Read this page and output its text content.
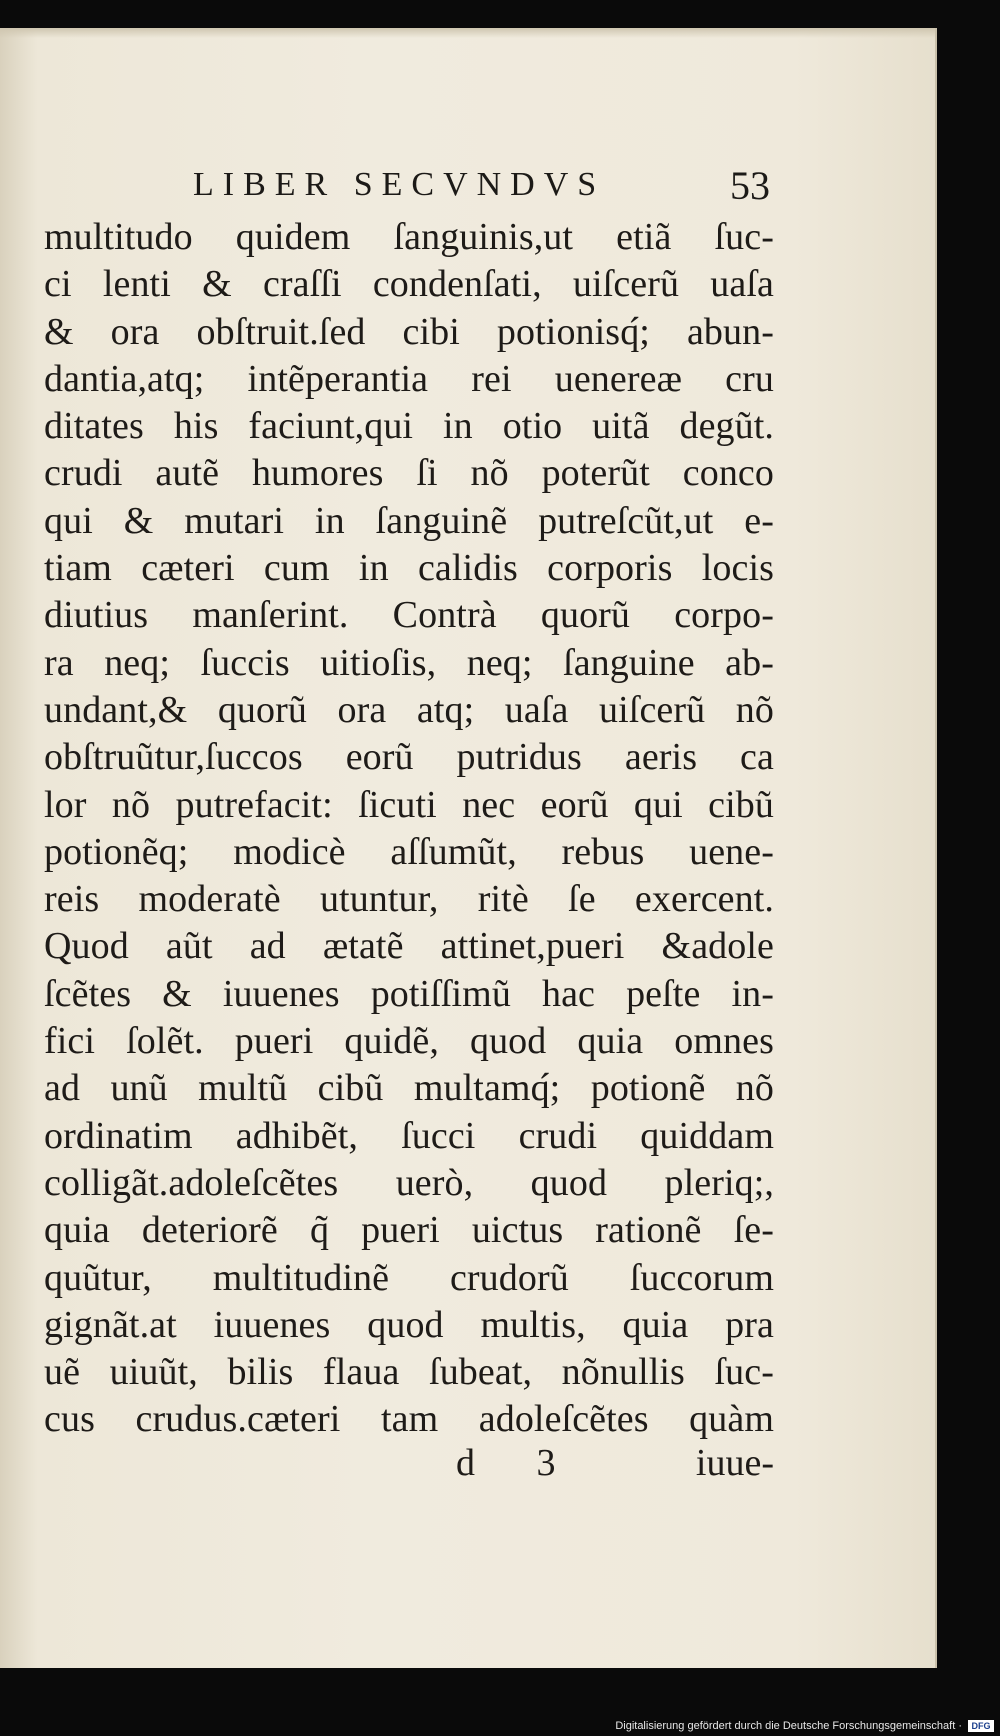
LIBER SECVNDVS	53
multitudo quidem ſanguinis,ut etiã ſuc-
ci lenti & craſſi condenſati, uiſcerũ uaſa
& ora obſtruit.ſed cibi potionisq́; abun-
dantia,atq; intẽperantia rei uenereæ cru
ditates his faciunt,qui in otio uitã degũt.
crudi autẽ humores ſi nõ poterũt conco
qui & mutari in ſanguinẽ putreſcũt,ut e-
tiam cæteri cum in calidis corporis locis
diutius manſerint. Contrà quorũ corpo-
ra neq; ſuccis uitioſis, neq; ſanguine ab-
undant,& quorũ ora atq; uaſa uiſcerũ nõ
obſtruũtur,ſuccos eorũ putridus aeris ca
lor nõ putrefacit: ſicuti nec eorũ qui cibũ
potionẽq; modicè aſſumũt, rebus uene-
reis moderatè utuntur, ritè ſe exercent.
Quod aũt ad ætatẽ attinet,pueri &adole
ſcẽtes & iuuenes potiſſimũ hac peſte in-
fici ſolẽt. pueri quidẽ, quod quia omnes
ad unũ multũ cibũ multamq́; potionẽ nõ
ordinatim adhibẽt, ſucci crudi quiddam
colligãt.adoleſcẽtes uerò, quod pleriq;,
quia deteriorẽ q̃ pueri uictus rationẽ ſe-
quũtur, multitudinẽ crudorũ ſuccorum
gignãt.at iuuenes quod multis, quia pra
uẽ uiuũt, bilis flaua ſubeat, nõnullis ſuc-
cus crudus.cæteri tam adoleſcẽtes quàm
d 3	iuue-
Digitalisierung gefördert durch die Deutsche Forschungsgemeinschaft ·	DFG
